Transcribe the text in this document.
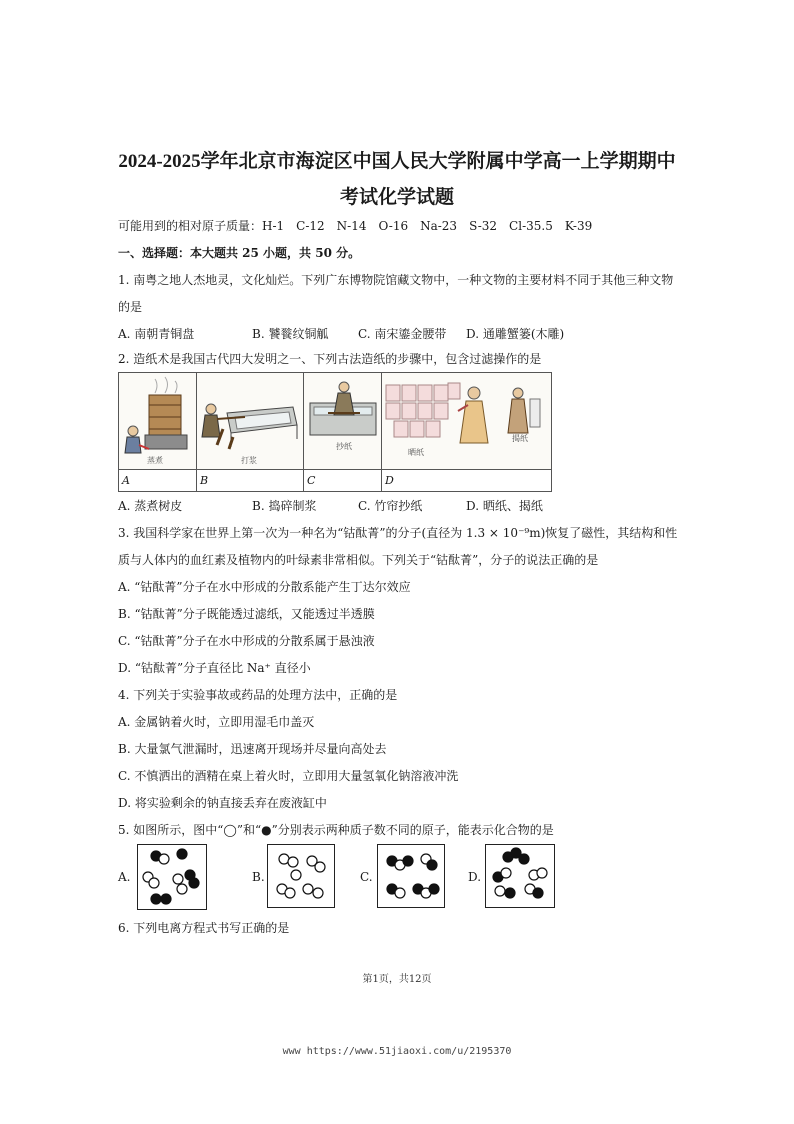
2024-2025学年北京市海淀区中国人民大学附属中学高一上学期期中
考试化学试题
可能用到的相对原子质量：H-1　C-12　N-14　O-16　Na-23　S-32　Cl-35.5　K-39
一、选择题：本大题共 25 小题，共 50 分。
1. 南粤之地人杰地灵，文化灿烂。下列广东博物院馆藏文物中，一种文物的主要材料不同于其他三种文物
的是
A. 南朝青铜盘	B. 饕餮纹铜觚 C. 南宋鎏金腰带 D. 通雕蟹篓(木雕)
2. 造纸术是我国古代四大发明之一、下列古法造纸的步骤中，包含过滤操作的是
蒸煮	打浆
抄纸
晒纸
揭纸
A	B	C	D
A. 蒸煮树皮	B. 捣碎制浆	C. 竹帘抄纸	D. 晒纸、揭纸
3. 我国科学家在世界上第一次为一种名为“钴酞菁”的分子(直径为 1.3 × 10⁻⁹m)恢复了磁性，其结构和性
质与人体内的血红素及植物内的叶绿素非常相似。下列关于“钴酞菁”，分子的说法正确的是
A. “钴酞菁”分子在水中形成的分散系能产生丁达尔效应
B. “钴酞菁”分子既能透过滤纸，又能透过半透膜
C. “钴酞菁”分子在水中形成的分散系属于悬浊液
D. “钴酞菁”分子直径比 Na⁺ 直径小
4. 下列关于实验事故或药品的处理方法中，正确的是
A. 金属钠着火时，立即用湿毛巾盖灭
B. 大量氯气泄漏时，迅速离开现场并尽量向高处去
C. 不慎洒出的酒精在桌上着火时，立即用大量氢氧化钠溶液冲洗
D. 将实验剩余的钠直接丢弃在废液缸中
5. 如图所示，图中“◯”和“●”分别表示两种质子数不同的原子，能表示化合物的是
A.	B.	C.	D.
6. 下列电离方程式书写正确的是
第1页，共12页
www https://www.51jiaoxi.com/u/2195370
